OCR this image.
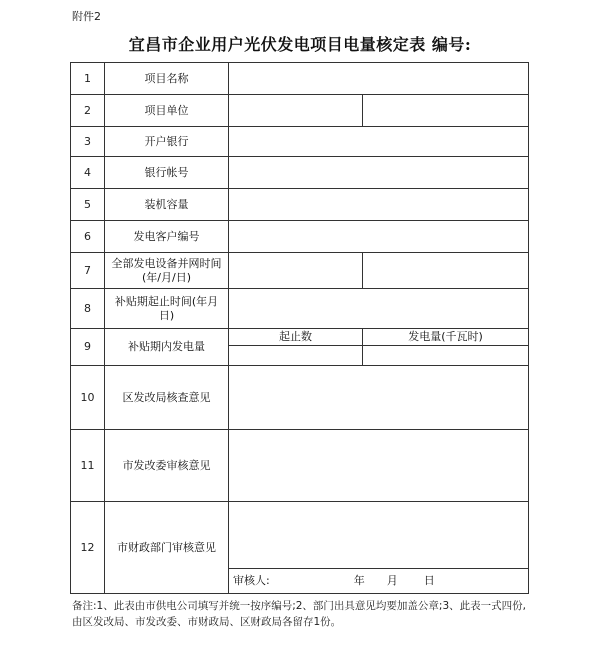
附件2
宜昌市企业用户光伏发电项目电量核定表 编号:
1	项目名称		
2	项目单位		
3	开户银行		
4	银行帐号		
5	装机容量		
6	发电客户编号		
7	全部发电设备并网时间
(年/月/日)		
8	补贴期起止时间(年月
日)		
9	补贴期内发电量	起止数	发电量(千瓦时)

10	区发改局核查意见		
11	市发改委审核意见		
12	市财政部门审核意见	审核人: 年 月 日	
备注:1、此表由市供电公司填写并统一按序编号;2、部门出具意见均要加盖公章;3、此表一式四份,由区发改局、市发改委、市财政局、区财政局各留存1份。
